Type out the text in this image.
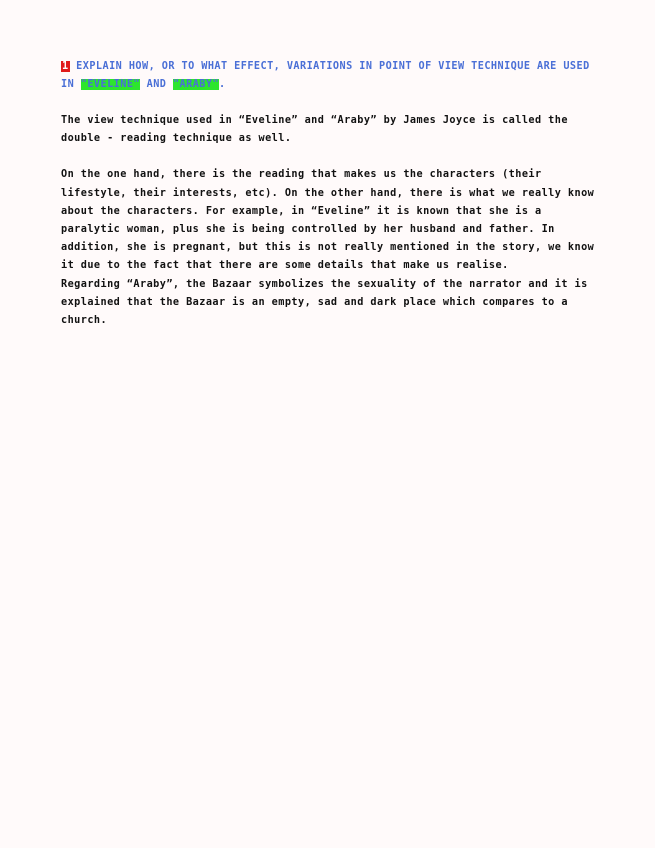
1 EXPLAIN HOW, OR TO WHAT EFFECT, VARIATIONS IN POINT OF VIEW TECHNIQUE ARE USED IN "EVELINE" AND "ARABY".

The view technique used in “Eveline” and “Araby” by James Joyce is called the double - reading technique as well.

On the one hand, there is the reading that makes us the characters (their lifestyle, their interests, etc). On the other hand, there is what we really know about the characters. For example, in “Eveline” it is known that she is a paralytic woman, plus she is being controlled by her husband and father. In addition, she is pregnant, but this is not really mentioned in the story, we know it due to the fact that there are some details that make us realise.

Regarding “Araby”, the Bazaar symbolizes the sexuality of the narrator and it is explained that the Bazaar is an empty, sad and dark place which compares to a church.
